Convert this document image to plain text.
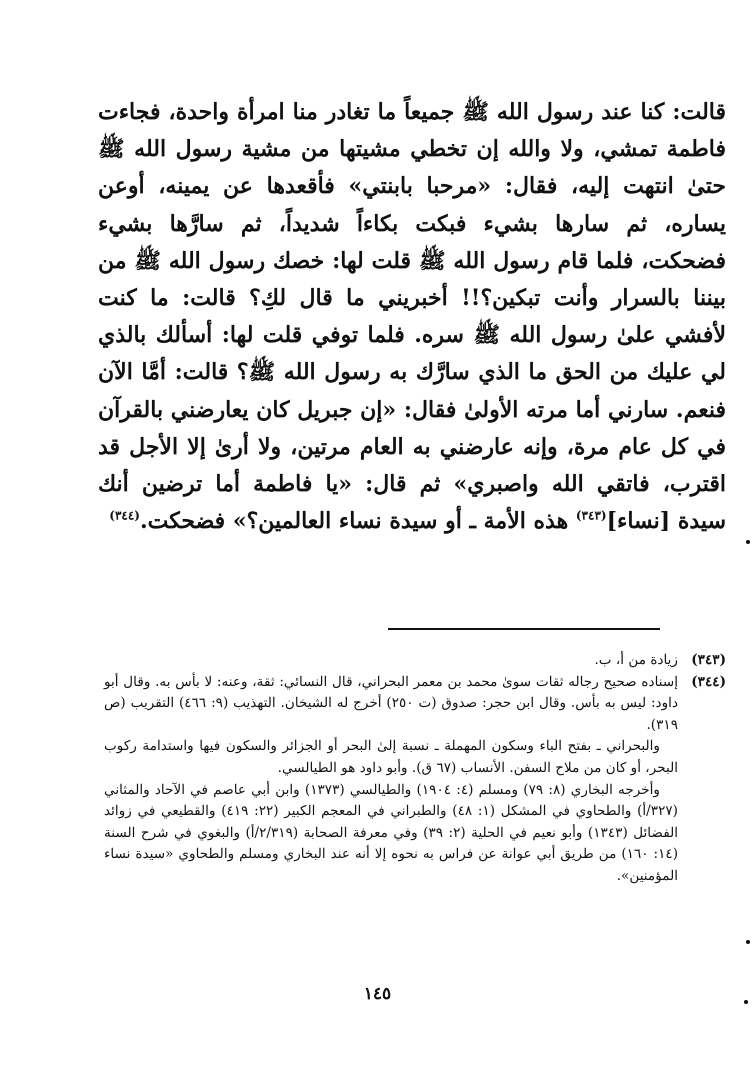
قالت: كنا عند رسول الله ﷺ جميعاً ما تغادر منا امرأة واحدة، فجاءت فاطمة تمشي، ولا والله إن تخطي مشيتها من مشية رسول الله ﷺ حتىٰ انتهت إليه، فقال: «مرحبا بابنتي» فأقعدها عن يمينه، أوعن يساره، ثم سارها بشيء فبكت بكاءاً شديداً، ثم سارَّها بشيء فضحكت، فلما قام رسول الله ﷺ قلت لها: خصك رسول الله ﷺ من بيننا بالسرار وأنت تبكين؟!! أخبريني ما قال لكِ؟ قالت: ما كنت لأفشي علىٰ رسول الله ﷺ سره. فلما توفي قلت لها: أسألك بالذي لي عليك من الحق ما الذي سارَّك به رسول الله ﷺ؟ قالت: أمَّا الآن فنعم. سارني أما مرته الأولىٰ فقال: «إن جبريل كان يعارضني بالقرآن في كل عام مرة، وإنه عارضني به العام مرتين، ولا أرىٰ إلا الأجل قد اقترب، فاتقي الله واصبري» ثم قال: «يا فاطمة أما ترضين أنك سيدة [نساء]$^{(٣٤٣)}$ هذه الأمة ـ أو سيدة نساء العالمين؟» فضحكت.$^{(٣٤٤)}$

(٣٤٣)

زيادة من أ، ب.

(٣٤٤)

إسناده صحيح رجاله ثقات سوىٰ محمد بن معمر البحراني، قال النسائي: ثقة، وعنه: لا بأس به. وقال أبو داود: ليس به بأس. وقال ابن حجر: صدوق (ت ٢٥٠) أخرج له الشيخان. التهذيب (٩: ٤٦٦) التقريب (ص ٣١٩).

والبحراني ـ بفتح الباء وسكون المهملة ـ نسبة إلىٰ البحر أو الجزائر والسكون فيها واستدامة ركوب البحر، أو كان من ملاح السفن. الأنساب (٦٧ ق). وأبو داود هو الطيالسي.

وأخرجه البخاري (٨: ٧٩) ومسلم (٤: ١٩٠٤) والطيالسي (١٣٧٣) وابن أبي عاصم في الآحاد والمثاني (٣٢٧/أ) والطحاوي في المشكل (١: ٤٨) والطبراني في المعجم الكبير (٢٢: ٤١٩) والقطيعي في زوائد الفضائل (١٣٤٣) وأبو نعيم في الحلية (٢: ٣٩) وفي معرفة الصحابة (٢/٣١٩/أ) والبغوي في شرح السنة (١٤: ١٦٠) من طريق أبي عوانة عن فراس به نحوه إلا أنه عند البخاري ومسلم والطحاوي «سيدة نساء المؤمنين».

١٤٥
